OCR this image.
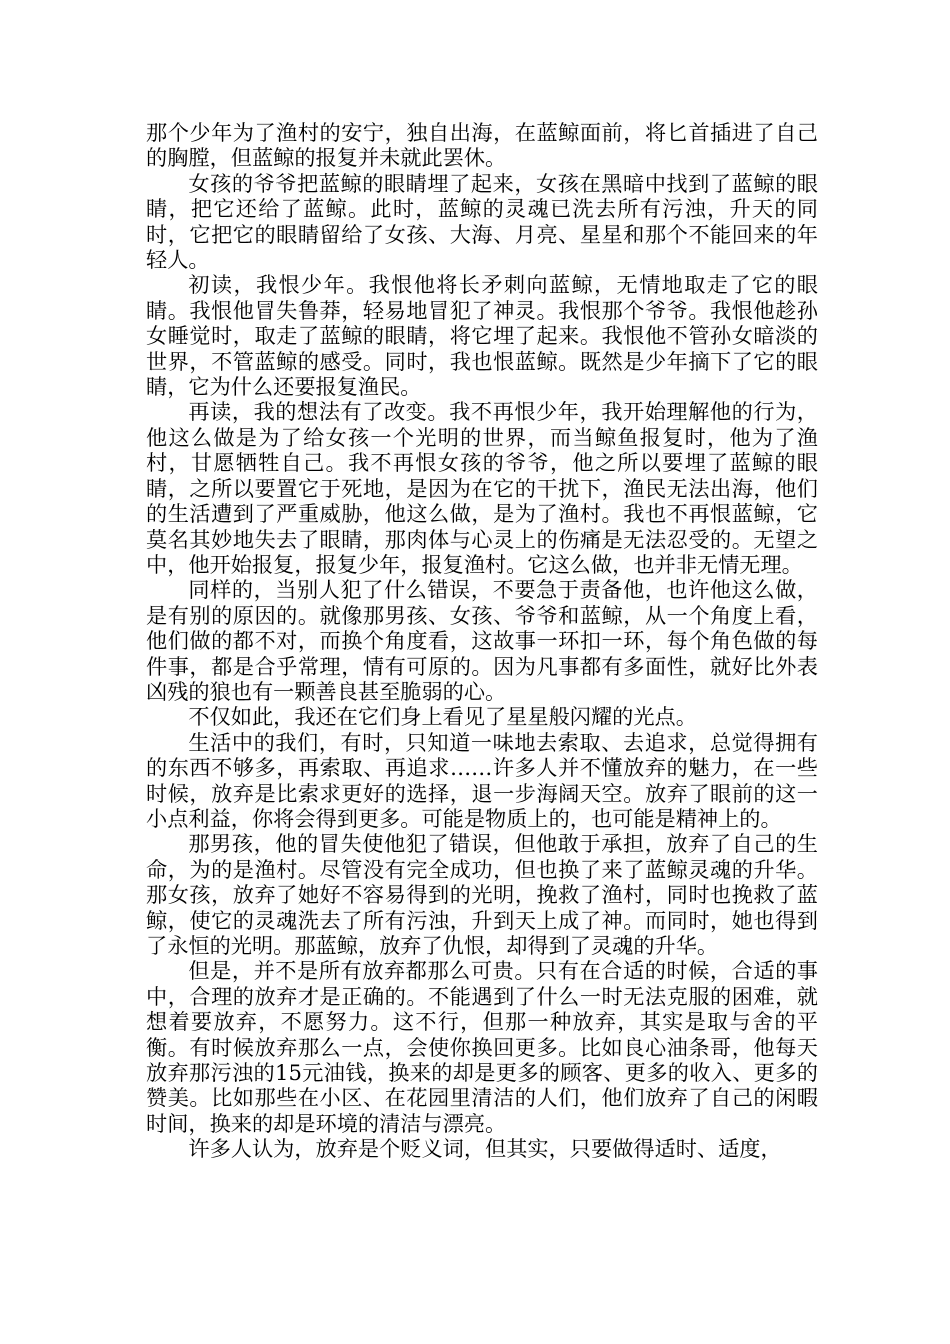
那个少年为了渔村的安宁，独自出海，在蓝鲸面前，将匕首插进了自己的胸膛，但蓝鲸的报复并未就此罢休。

女孩的爷爷把蓝鲸的眼睛埋了起来，女孩在黑暗中找到了蓝鲸的眼睛，把它还给了蓝鲸。此时，蓝鲸的灵魂已洗去所有污浊，升天的同时，它把它的眼睛留给了女孩、大海、月亮、星星和那个不能回来的年轻人。

初读，我恨少年。我恨他将长矛刺向蓝鲸，无情地取走了它的眼睛。我恨他冒失鲁莽，轻易地冒犯了神灵。我恨那个爷爷。我恨他趁孙女睡觉时，取走了蓝鲸的眼睛，将它埋了起来。我恨他不管孙女暗淡的世界，不管蓝鲸的感受。同时，我也恨蓝鲸。既然是少年摘下了它的眼睛，它为什么还要报复渔民。

再读，我的想法有了改变。我不再恨少年，我开始理解他的行为，他这么做是为了给女孩一个光明的世界，而当鲸鱼报复时，他为了渔村，甘愿牺牲自己。我不再恨女孩的爷爷，他之所以要埋了蓝鲸的眼睛，之所以要置它于死地，是因为在它的干扰下，渔民无法出海，他们的生活遭到了严重威胁，他这么做，是为了渔村。我也不再恨蓝鲸，它莫名其妙地失去了眼睛，那肉体与心灵上的伤痛是无法忍受的。无望之中，他开始报复，报复少年，报复渔村。它这么做，也并非无情无理。

同样的，当别人犯了什么错误，不要急于责备他，也许他这么做，是有别的原因的。就像那男孩、女孩、爷爷和蓝鲸，从一个角度上看，他们做的都不对，而换个角度看，这故事一环扣一环，每个角色做的每件事，都是合乎常理，情有可原的。因为凡事都有多面性，就好比外表凶残的狼也有一颗善良甚至脆弱的心。

不仅如此，我还在它们身上看见了星星般闪耀的光点。

生活中的我们，有时，只知道一味地去索取、去追求，总觉得拥有的东西不够多，再索取、再追求……许多人并不懂放弃的魅力，在一些时候，放弃是比索求更好的选择，退一步海阔天空。放弃了眼前的这一小点利益，你将会得到更多。可能是物质上的，也可能是精神上的。

那男孩，他的冒失使他犯了错误，但他敢于承担，放弃了自己的生命，为的是渔村。尽管没有完全成功，但也换了来了蓝鲸灵魂的升华。那女孩，放弃了她好不容易得到的光明，挽救了渔村，同时也挽救了蓝鲸，使它的灵魂洗去了所有污浊，升到天上成了神。而同时，她也得到了永恒的光明。那蓝鲸，放弃了仇恨，却得到了灵魂的升华。

但是，并不是所有放弃都那么可贵。只有在合适的时候，合适的事中，合理的放弃才是正确的。不能遇到了什么一时无法克服的困难，就想着要放弃，不愿努力。这不行，但那一种放弃，其实是取与舍的平衡。有时候放弃那么一点，会使你换回更多。比如良心油条哥，他每天放弃那污浊的15元油钱，换来的却是更多的顾客、更多的收入、更多的赞美。比如那些在小区、在花园里清洁的人们，他们放弃了自己的闲暇时间，换来的却是环境的清洁与漂亮。

许多人认为，放弃是个贬义词，但其实，只要做得适时、适度，
